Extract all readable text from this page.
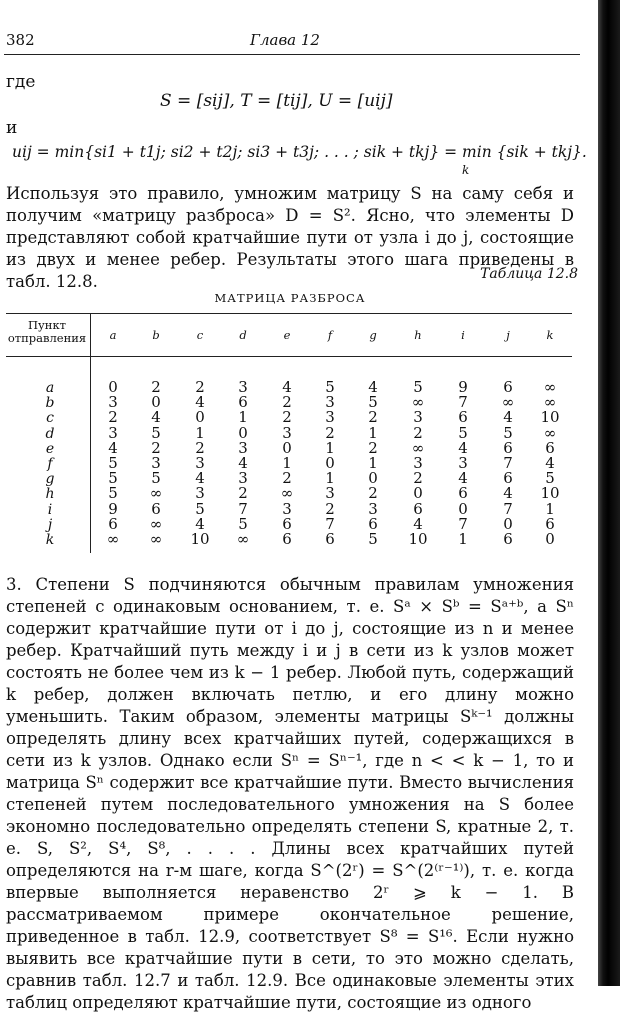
382	Глава 12
где
S = [sij], T = [tij], U = [uij]
и
uij = min{si1 + t1j; si2 + t2j; si3 + t3j; . . . ; sik + tkj} = min {sik + tkj}.
k

Используя это правило, умножим матрицу S на саму себя и получим «матрицу разброса» D = S². Ясно, что элементы D представляют собой кратчайшие пути от узла i до j, состоящие из двух и менее ребер. Результаты этого шага приведены в табл. 12.8.	Таблица 12.8
МАТРИЦА РАЗБРОСА
Пункт
отправления	a	b	c	d	e	f	g	h	i	j	k
a	0	2	2	3	4	5	4	5	9	6	∞
b	3	0	4	6	2	3	5	∞	7	∞	∞
c	2	4	0	1	2	3	2	3	6	4	10
d	3	5	1	0	3	2	1	2	5	5	∞
e	4	2	2	3	0	1	2	∞	4	6	6
f	5	3	3	4	1	0	1	3	3	7	4
g	5	5	4	3	2	1	0	2	4	6	5
h	5	∞	3	2	∞	3	2	0	6	4	10
i	9	6	5	7	3	2	3	6	0	7	1
j	6	∞	4	5	6	7	6	4	7	0	6
k	∞	∞	10	∞	6	6	5	10	1	6	0

3. Степени S подчиняются обычным правилам умножения степеней с одинаковым основанием, т. е. Sᵃ × Sᵇ = Sᵃ⁺ᵇ, а Sⁿ содержит кратчайшие пути от i до j, состоящие из n и менее ребер. Кратчайший путь между i и j в сети из k узлов может состоять не более чем из k − 1 ребер. Любой путь, содержащий k ребер, должен включать петлю, и его длину можно уменьшить. Таким образом, элементы матрицы Sᵏ⁻¹ должны определять длину всех кратчайших путей, содержащихся в сети из k узлов. Однако если Sⁿ = Sⁿ⁻¹, где n < < k − 1, то и матрица Sⁿ содержит все кратчайшие пути. Вместо вычисления степеней путем последовательного умножения на S более экономно последовательно определять степени S, кратные 2, т. е. S, S², S⁴, S⁸, . . . . Длины всех кратчайших путей определяются на r-м шаге, когда S^(2ʳ) = S^(2⁽ʳ⁻¹⁾), т. е. когда впервые выполняется неравенство 2ʳ ⩾ k − 1. В рассматриваемом примере окончательное решение, приведенное в табл. 12.9, соответствует S⁸ = S¹⁶. Если нужно выявить все кратчайшие пути в сети, то это можно сделать, сравнив табл. 12.7 и табл. 12.9. Все одинаковые элементы этих таблиц определяют кратчайшие пути, состоящие из одного
